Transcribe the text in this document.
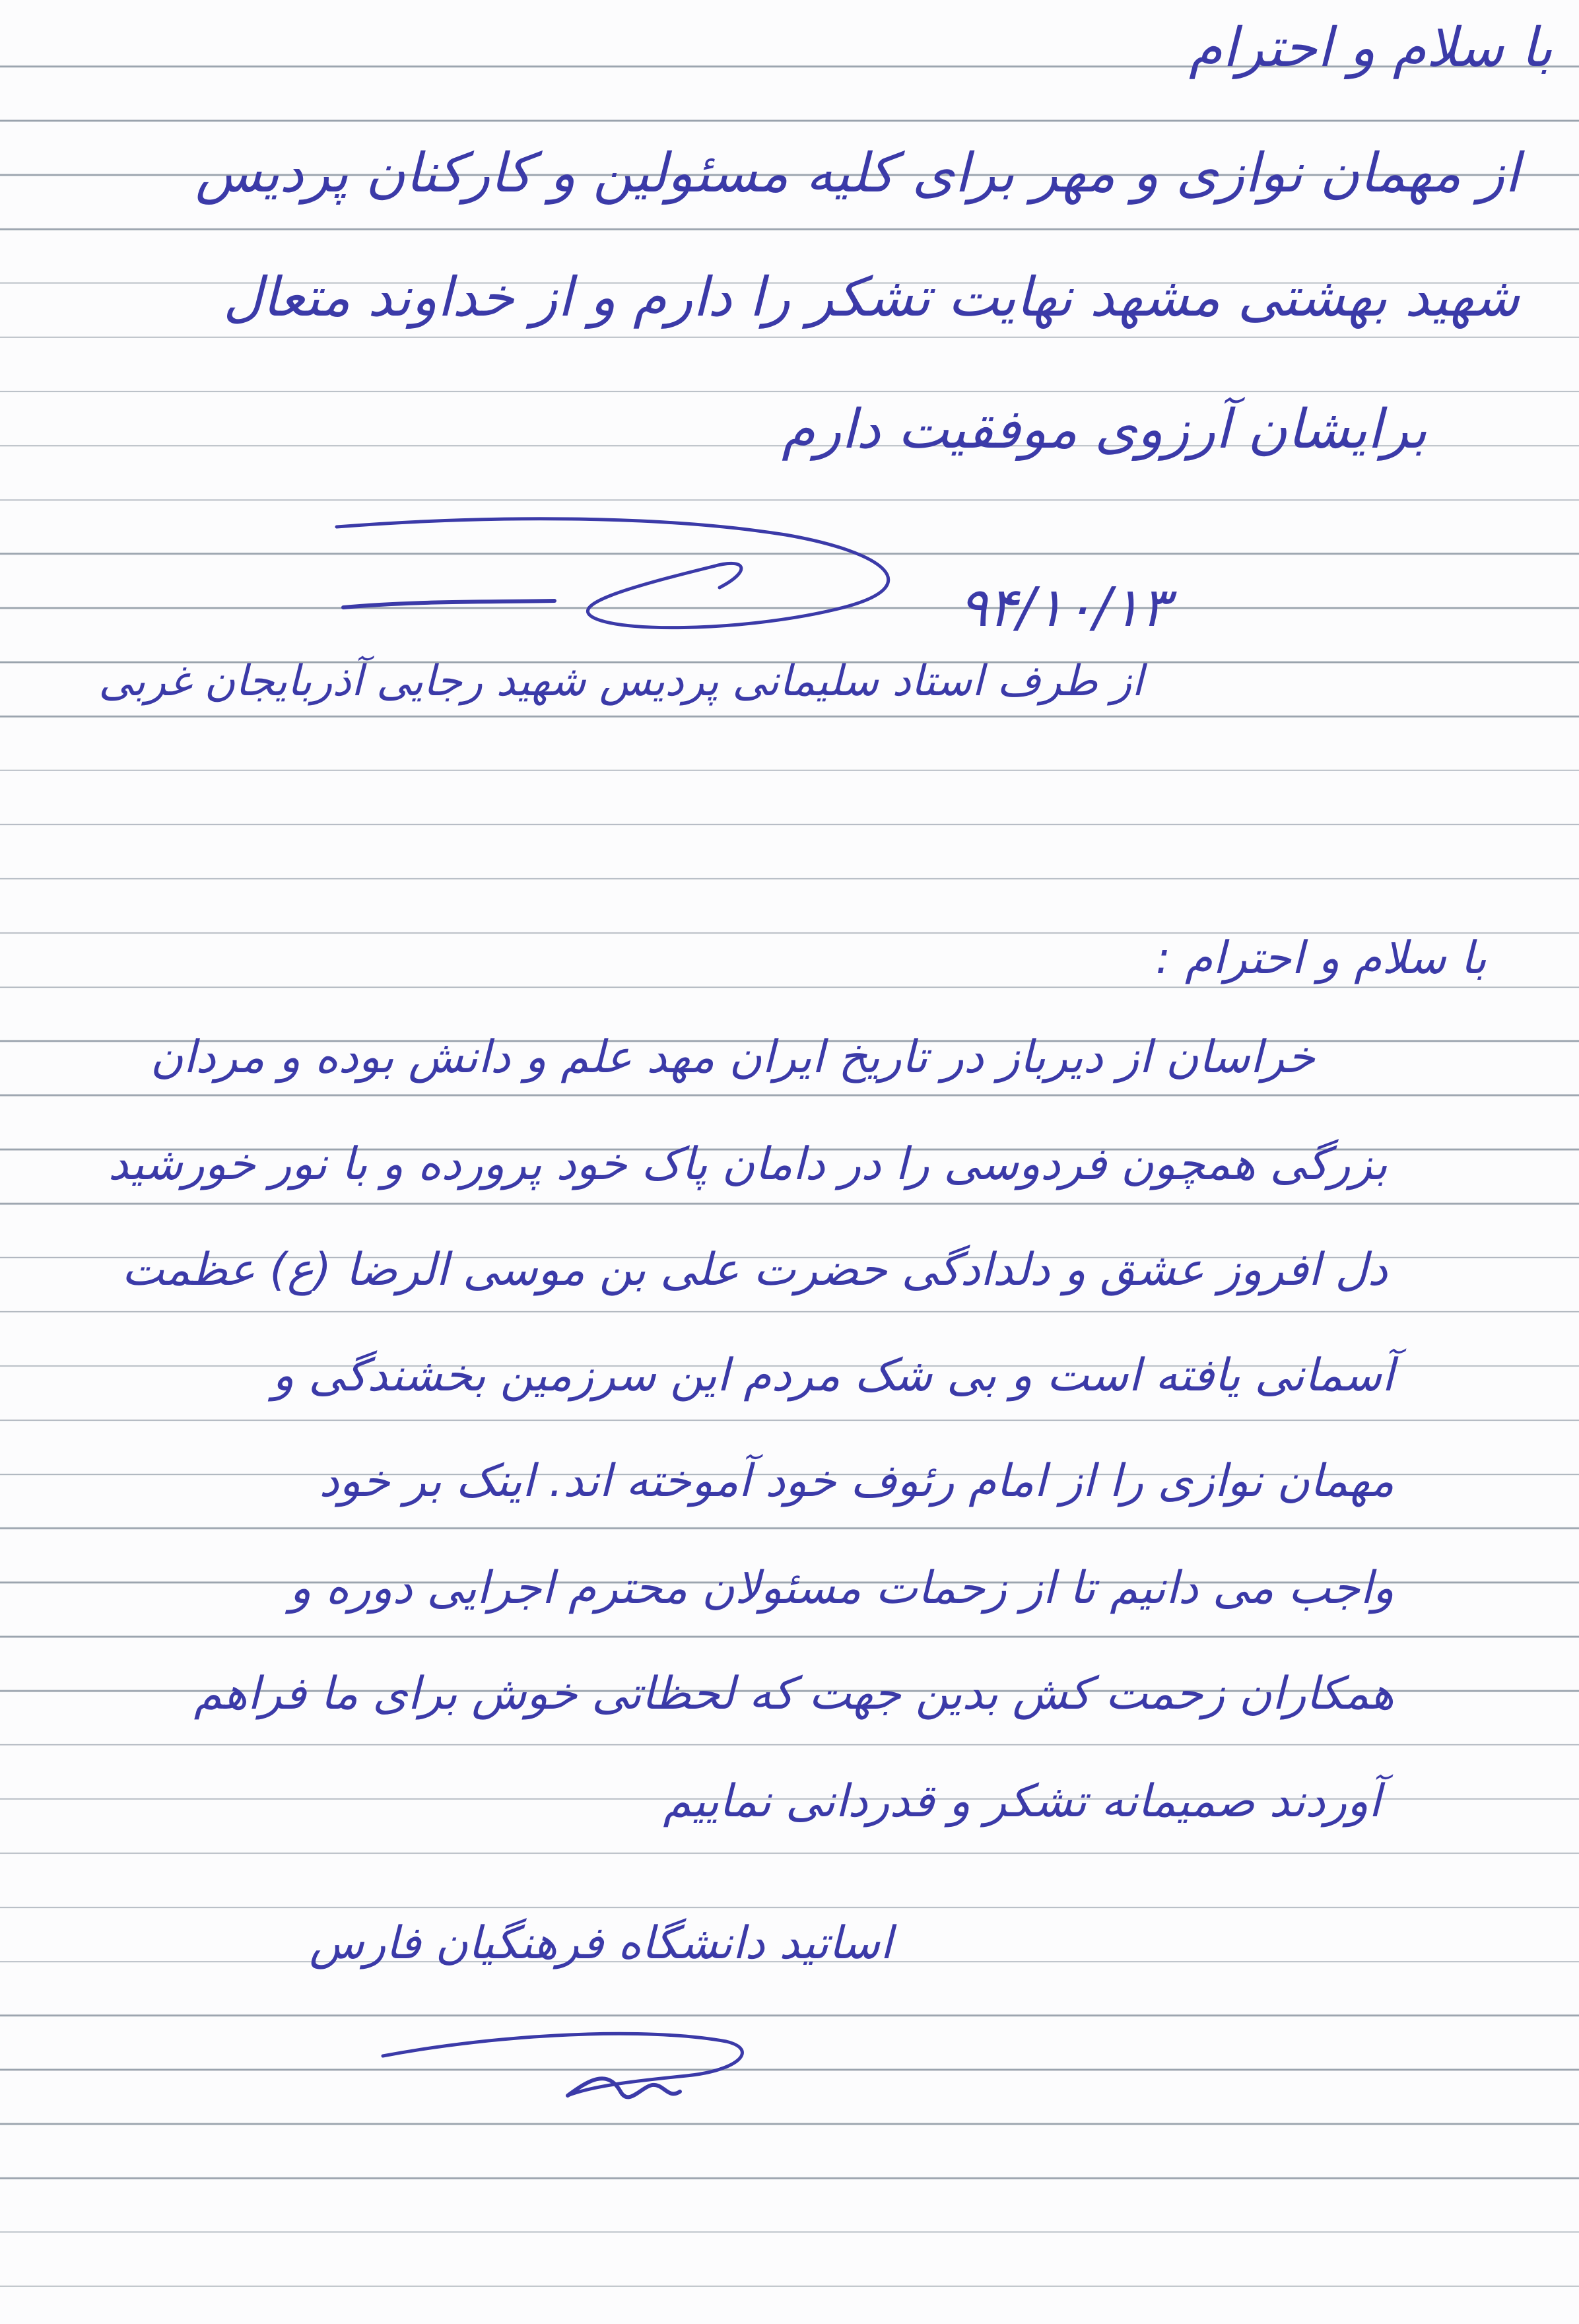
با سلام و احترام

از مهمان نوازی و مهر برای کلیه مسئولین و کارکنان پردیس

شهید بهشتی مشهد نهایت تشکر را دارم و از خداوند متعال

برایشان آرزوی موفقیت دارم

۹۴/۱۰/۱۳

از طرف استاد سلیمانی پردیس شهید رجایی آذربایجان غربی

با سلام و احترام :

خراسان از دیرباز در تاریخ ایران مهد علم و دانش بوده و مردان

بزرگی همچون فردوسی را در دامان پاک خود پرورده و با نور خورشید

دل افروز عشق و دلدادگی حضرت علی بن موسی الرضا (ع) عظمت

آسمانی یافته است و بی شک مردم این سرزمین بخشندگی و

مهمان نوازی را از امام رئوف خود آموخته اند. اینک بر خود

واجب می دانیم تا از زحمات مسئولان محترم اجرایی دوره و

همکاران زحمت کش بدین جهت که لحظاتی خوش برای ما فراهم

آوردند صمیمانه تشکر و قدردانی نماییم

اساتید دانشگاه فرهنگیان فارس
